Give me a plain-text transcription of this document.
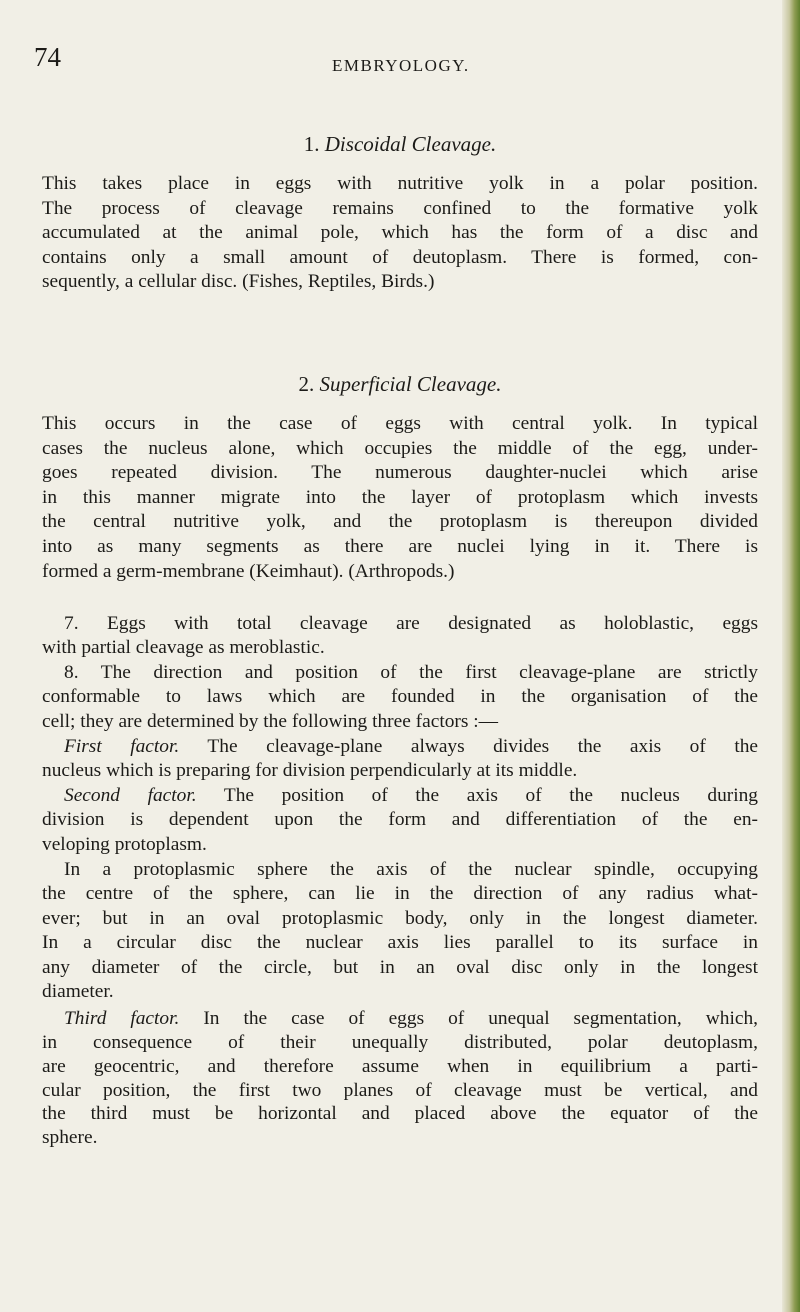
74	EMBRYOLOGY.
1. Discoidal Cleavage.
This takes place in eggs with nutritive yolk in a polar position.
The process of cleavage remains confined to the formative yolk
accumulated at the animal pole, which has the form of a disc and
contains only a small amount of deutoplasm. There is formed, con-
sequently, a cellular disc. (Fishes, Reptiles, Birds.)
2. Superficial Cleavage.
This occurs in the case of eggs with central yolk. In typical
cases the nucleus alone, which occupies the middle of the egg, under-
goes repeated division. The numerous daughter-nuclei which arise
in this manner migrate into the layer of protoplasm which invests
the central nutritive yolk, and the protoplasm is thereupon divided
into as many segments as there are nuclei lying in it. There is
formed a germ-membrane (Keimhaut). (Arthropods.)
7. Eggs with total cleavage are designated as holoblastic, eggs
with partial cleavage as meroblastic.
8. The direction and position of the first cleavage-plane are strictly
conformable to laws which are founded in the organisation of the
cell; they are determined by the following three factors :—
First factor. The cleavage-plane always divides the axis of the
nucleus which is preparing for division perpendicularly at its middle.
Second factor. The position of the axis of the nucleus during
division is dependent upon the form and differentiation of the en-
veloping protoplasm.
In a protoplasmic sphere the axis of the nuclear spindle, occupying
the centre of the sphere, can lie in the direction of any radius what-
ever; but in an oval protoplasmic body, only in the longest diameter.
In a circular disc the nuclear axis lies parallel to its surface in
any diameter of the circle, but in an oval disc only in the longest
diameter.
Third factor. In the case of eggs of unequal segmentation, which,
in consequence of their unequally distributed, polar deutoplasm,
are geocentric, and therefore assume when in equilibrium a parti-
cular position, the first two planes of cleavage must be vertical, and
the third must be horizontal and placed above the equator of the
sphere.
